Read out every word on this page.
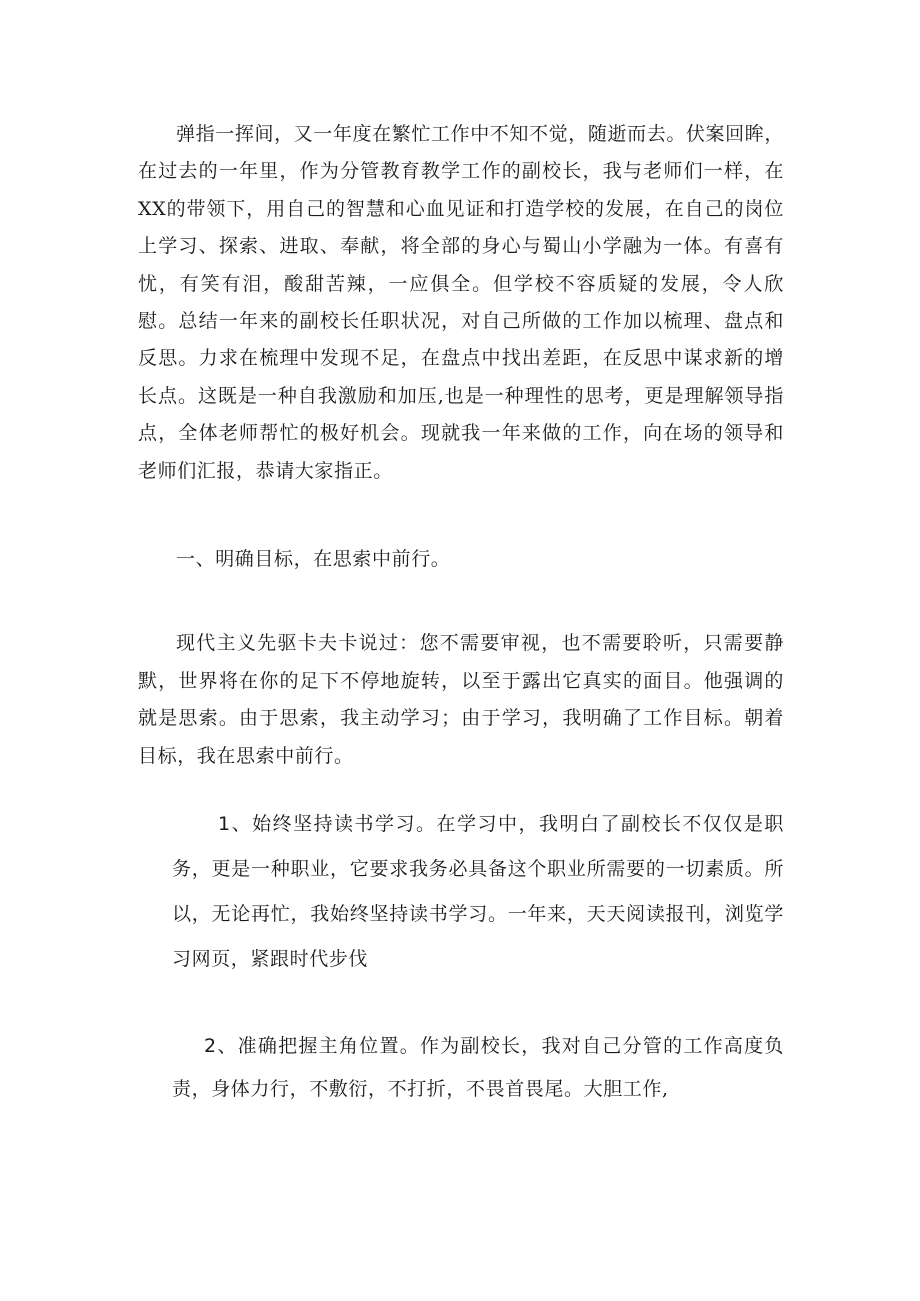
弹指一挥间，又一年度在繁忙工作中不知不觉，随逝而去。伏案回眸，在过去的一年里，作为分管教育教学工作的副校长，我与老师们一样，在XX的带领下，用自己的智慧和心血见证和打造学校的发展，在自己的岗位上学习、探索、进取、奉献，将全部的身心与蜀山小学融为一体。有喜有忧，有笑有泪，酸甜苦辣，一应俱全。但学校不容质疑的发展，令人欣慰。总结一年来的副校长任职状况，对自己所做的工作加以梳理、盘点和反思。力求在梳理中发现不足，在盘点中找出差距，在反思中谋求新的增长点。这既是一种自我激励和加压,也是一种理性的思考，更是理解领导指点，全体老师帮忙的极好机会。现就我一年来做的工作，向在场的领导和老师们汇报，恭请大家指正。

一、明确目标，在思索中前行。

现代主义先驱卡夫卡说过：您不需要审视，也不需要聆听，只需要静默，世界将在你的足下不停地旋转，以至于露出它真实的面目。他强调的就是思索。由于思索，我主动学习；由于学习，我明确了工作目标。朝着目标，我在思索中前行。

1、始终坚持读书学习。在学习中，我明白了副校长不仅仅是职务，更是一种职业，它要求我务必具备这个职业所需要的一切素质。所以，无论再忙，我始终坚持读书学习。一年来，天天阅读报刊，浏览学习网页，紧跟时代步伐

2、准确把握主角位置。作为副校长，我对自己分管的工作高度负责，身体力行，不敷衍，不打折，不畏首畏尾。大胆工作,
